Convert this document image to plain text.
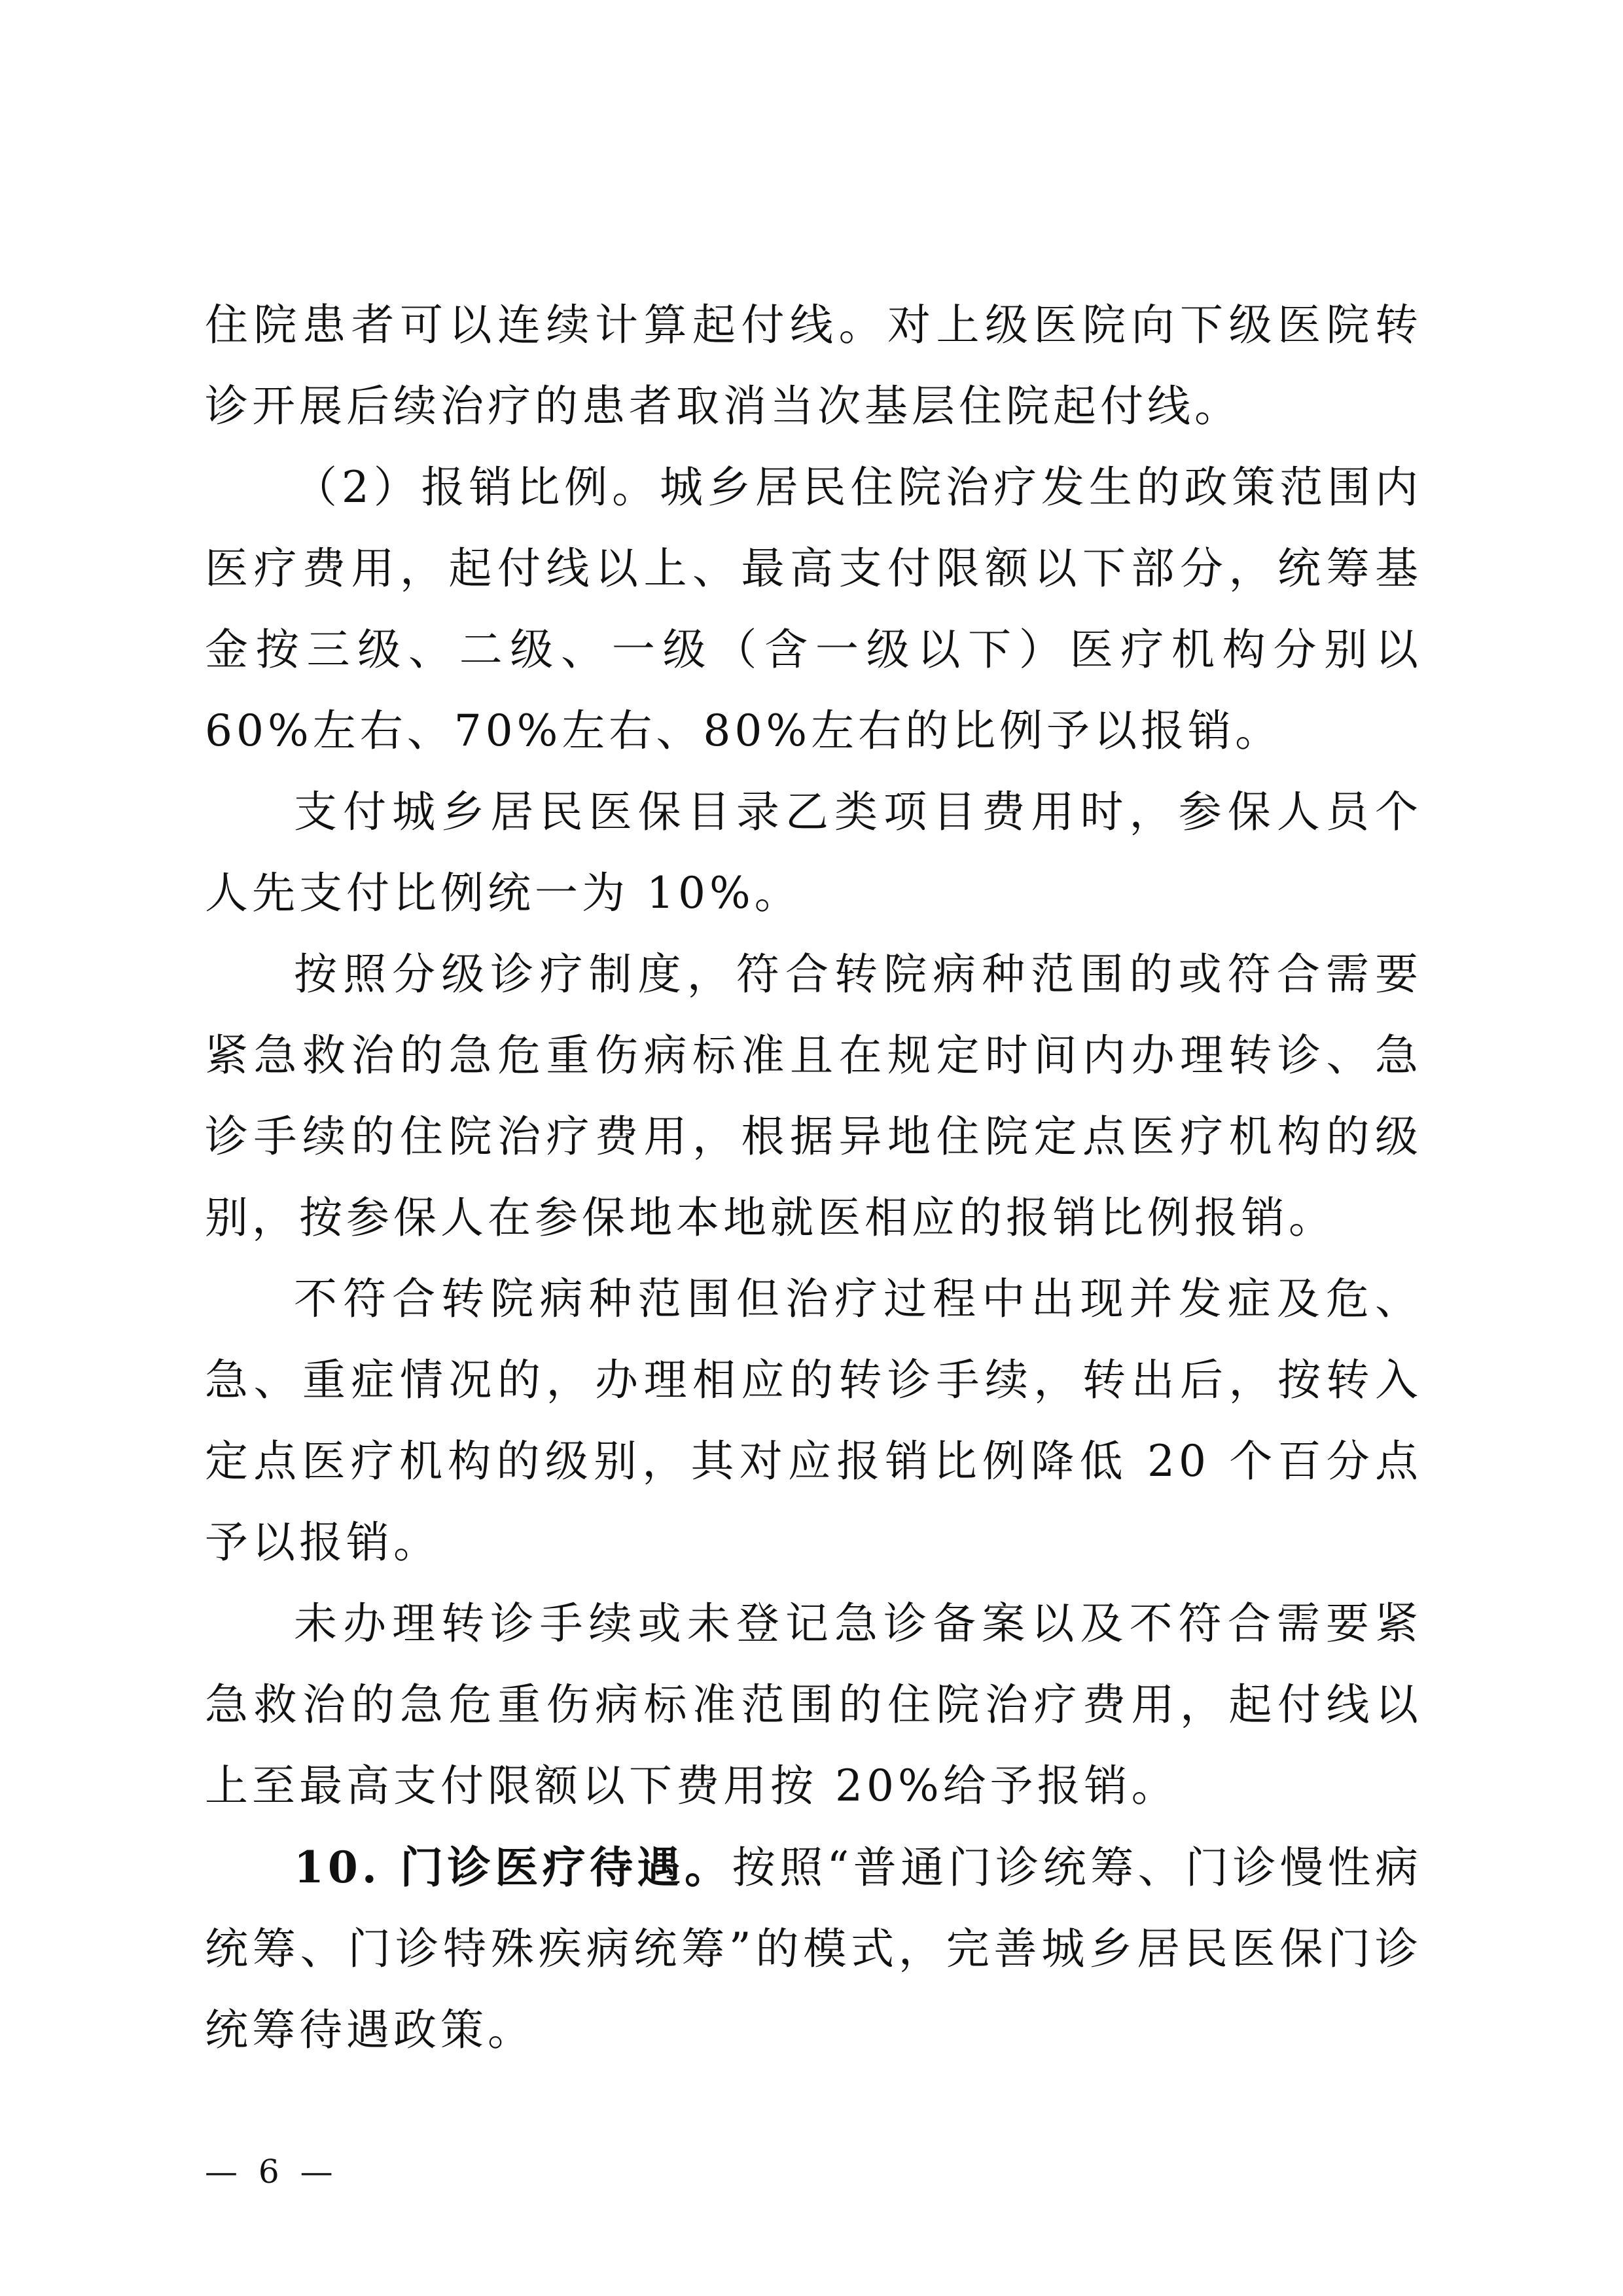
住院患者可以连续计算起付线。对上级医院向下级医院转诊开展后续治疗的患者取消当次基层住院起付线。

（2）报销比例。城乡居民住院治疗发生的政策范围内医疗费用，起付线以上、最高支付限额以下部分，统筹基金按三级、二级、一级（含一级以下）医疗机构分别以 60%左右、70%左右、80%左右的比例予以报销。

支付城乡居民医保目录乙类项目费用时，参保人员个人先支付比例统一为 10%。

按照分级诊疗制度，符合转院病种范围的或符合需要紧急救治的急危重伤病标准且在规定时间内办理转诊、急诊手续的住院治疗费用，根据异地住院定点医疗机构的级别，按参保人在参保地本地就医相应的报销比例报销。

不符合转院病种范围但治疗过程中出现并发症及危、急、重症情况的，办理相应的转诊手续，转出后，按转入定点医疗机构的级别，其对应报销比例降低 20 个百分点予以报销。

未办理转诊手续或未登记急诊备案以及不符合需要紧急救治的急危重伤病标准范围的住院治疗费用，起付线以上至最高支付限额以下费用按 20%给予报销。

10. 门诊医疗待遇。按照“普通门诊统筹、门诊慢性病统筹、门诊特殊疾病统筹”的模式，完善城乡居民医保门诊统筹待遇政策。

— 6 —
